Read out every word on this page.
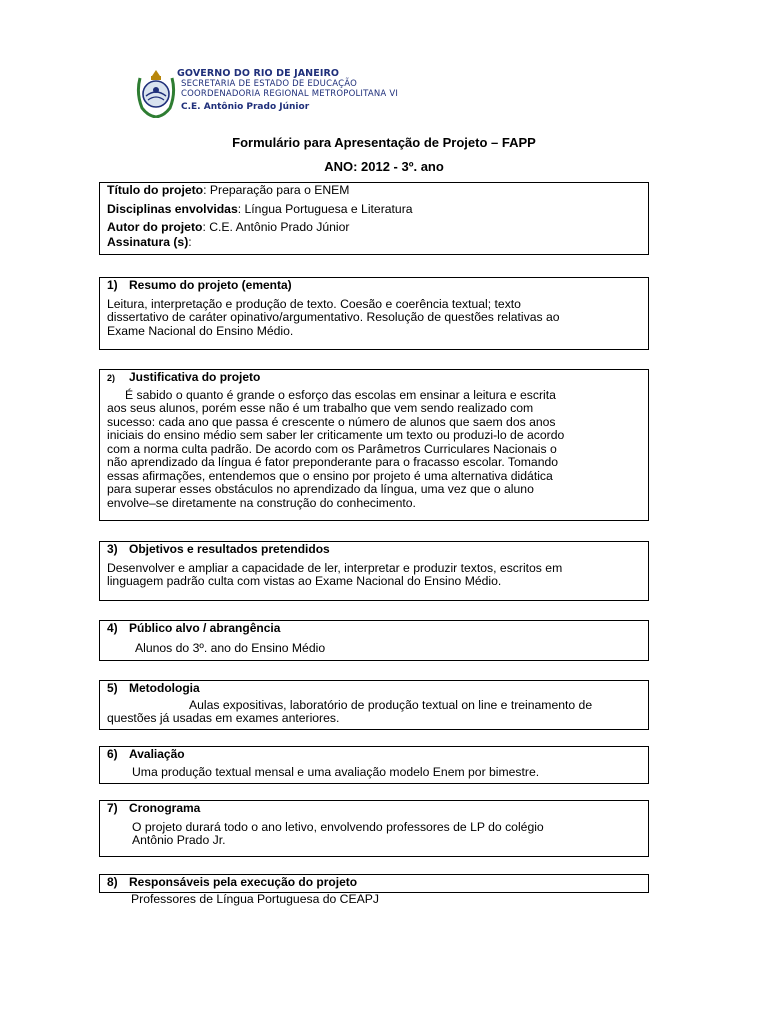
GOVERNO DO RIO DE JANEIRO
SECRETARIA DE ESTADO DE EDUCAÇÃO
COORDENADORIA REGIONAL METROPOLITANA VI
C.E. Antônio Prado Júnior
Formulário para Apresentação de Projeto – FAPP
ANO: 2012 - 3º. ano
Título do projeto: Preparação para o ENEM
Disciplinas envolvidas: Língua Portuguesa e Literatura
Autor do projeto: C.E. Antônio Prado Júnior
Assinatura (s):
1) Resumo do projeto (ementa)
Leitura, interpretação e produção de texto. Coesão e coerência textual; texto
dissertativo de caráter opinativo/argumentativo. Resolução de questões relativas ao
Exame Nacional do Ensino Médio.
2) Justificativa do projeto
É sabido o quanto é grande o esforço das escolas em ensinar a leitura e escrita
aos seus alunos, porém esse não é um trabalho que vem sendo realizado com
sucesso: cada ano que passa é crescente o número de alunos que saem dos anos
iniciais do ensino médio sem saber ler criticamente um texto ou produzi-lo de acordo
com a norma culta padrão. De acordo com os Parâmetros Curriculares Nacionais o
não aprendizado da língua é fator preponderante para o fracasso escolar. Tomando
essas afirmações, entendemos que o ensino por projeto é uma alternativa didática
para superar esses obstáculos no aprendizado da língua, uma vez que o aluno
envolve–se diretamente na construção do conhecimento.
3) Objetivos e resultados pretendidos
Desenvolver e ampliar a capacidade de ler, interpretar e produzir textos, escritos em
linguagem padrão culta com vistas ao Exame Nacional do Ensino Médio.
4) Público alvo / abrangência
Alunos do 3º. ano do Ensino Médio
5) Metodologia
Aulas expositivas, laboratório de produção textual on line e treinamento de
questões já usadas em exames anteriores.
6) Avaliação
Uma produção textual mensal e uma avaliação modelo Enem por bimestre.
7) Cronograma
O projeto durará todo o ano letivo, envolvendo professores de LP do colégio
Antônio Prado Jr.
8) Responsáveis pela execução do projeto
Professores de Língua Portuguesa do CEAPJ
